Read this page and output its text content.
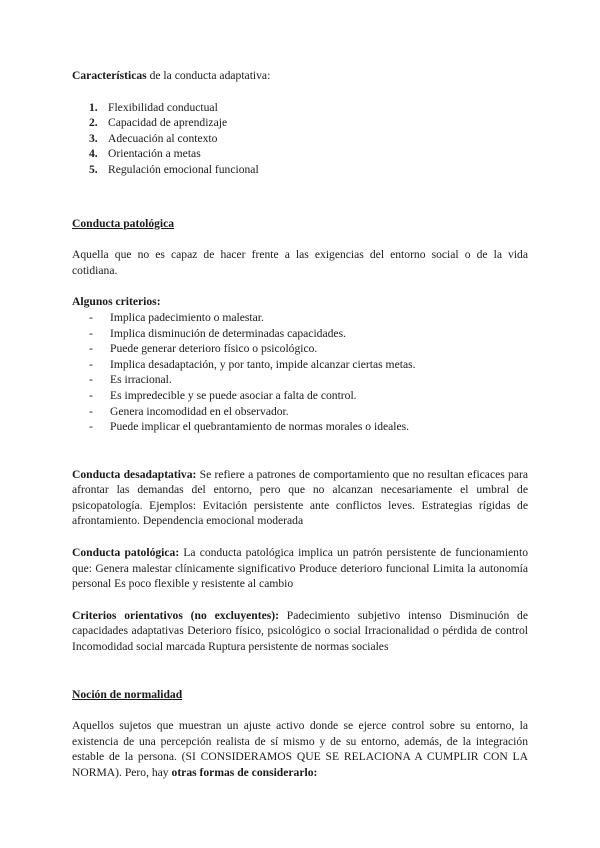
Características de la conducta adaptativa:

1. Flexibilidad conductual
2. Capacidad de aprendizaje
3. Adecuación al contexto
4. Orientación a metas
5. Regulación emocional funcional

Conducta patológica

Aquella que no es capaz de hacer frente a las exigencias del entorno social o de la vida cotidiana.

Algunos criterios:

- Implica padecimiento o malestar.
- Implica disminución de determinadas capacidades.
- Puede generar deterioro físico o psicológico.
- Implica desadaptación, y por tanto, impide alcanzar ciertas metas.
- Es irracional.
- Es impredecible y se puede asociar a falta de control.
- Genera incomodidad en el observador.
- Puede implicar el quebrantamiento de normas morales o ideales.

Conducta desadaptativa: Se refiere a patrones de comportamiento que no resultan eficaces para afrontar las demandas del entorno, pero que no alcanzan necesariamente el umbral de psicopatología. Ejemplos: Evitación persistente ante conflictos leves. Estrategias rígidas de afrontamiento. Dependencia emocional moderada

Conducta patológica: La conducta patológica implica un patrón persistente de funcionamiento que: Genera malestar clínicamente significativo Produce deterioro funcional Limita la autonomía personal Es poco flexible y resistente al cambio

Criterios orientativos (no excluyentes): Padecimiento subjetivo intenso Disminución de capacidades adaptativas Deterioro físico, psicológico o social Irracionalidad o pérdida de control Incomodidad social marcada Ruptura persistente de normas sociales

Noción de normalidad

Aquellos sujetos que muestran un ajuste activo donde se ejerce control sobre su entorno, la existencia de una percepción realista de sí mismo y de su entorno, además, de la integración estable de la persona. (SI CONSIDERAMOS QUE SE RELACIONA A CUMPLIR CON LA NORMA). Pero, hay otras formas de considerarlo:
